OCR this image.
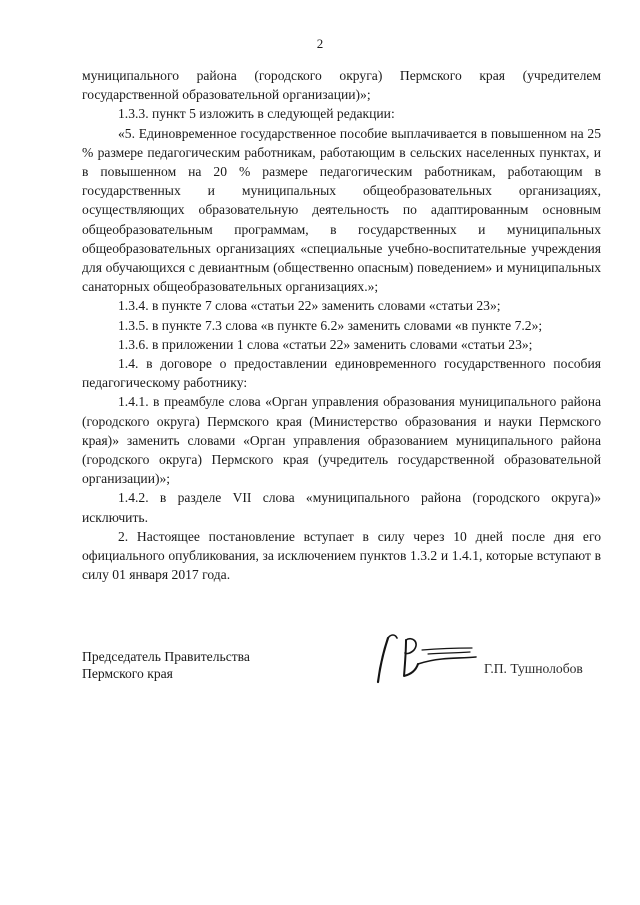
2

муниципального района (городского округа) Пермского края (учредителем государственной образовательной организации)»;

1.3.3. пункт 5 изложить в следующей редакции:

«5. Единовременное государственное пособие выплачивается в повышенном на 25 % размере педагогическим работникам, работающим в сельских населенных пунктах, и в повышенном на 20 % размере педагогическим работникам, работающим в государственных и муниципальных общеобразовательных организациях, осуществляющих образовательную деятельность по адаптированным основным общеобразовательным программам, в государственных и муниципальных общеобразовательных организациях «специальные учебно-воспитательные учреждения для обучающихся с девиантным (общественно опасным) поведением» и муниципальных санаторных общеобразовательных организациях.»;

1.3.4. в пункте 7 слова «статьи 22» заменить словами «статьи 23»;

1.3.5. в пункте 7.3 слова «в пункте 6.2» заменить словами «в пункте 7.2»;

1.3.6. в приложении 1 слова «статьи 22» заменить словами «статьи 23»;

1.4. в договоре о предоставлении единовременного государственного пособия педагогическому работнику:

1.4.1. в преамбуле слова «Орган управления образования муниципального района (городского округа) Пермского края (Министерство образования и науки Пермского края)» заменить словами «Орган управления образованием муниципального района (городского округа) Пермского края (учредитель государственной образовательной организации)»;

1.4.2. в разделе VII слова «муниципального района (городского округа)» исключить.

2. Настоящее постановление вступает в силу через 10 дней после дня его официального опубликования, за исключением пунктов 1.3.2 и 1.4.1, которые вступают в силу 01 января 2017 года.

Председатель Правительства
Пермского края	Г.П. Тушнолобов
